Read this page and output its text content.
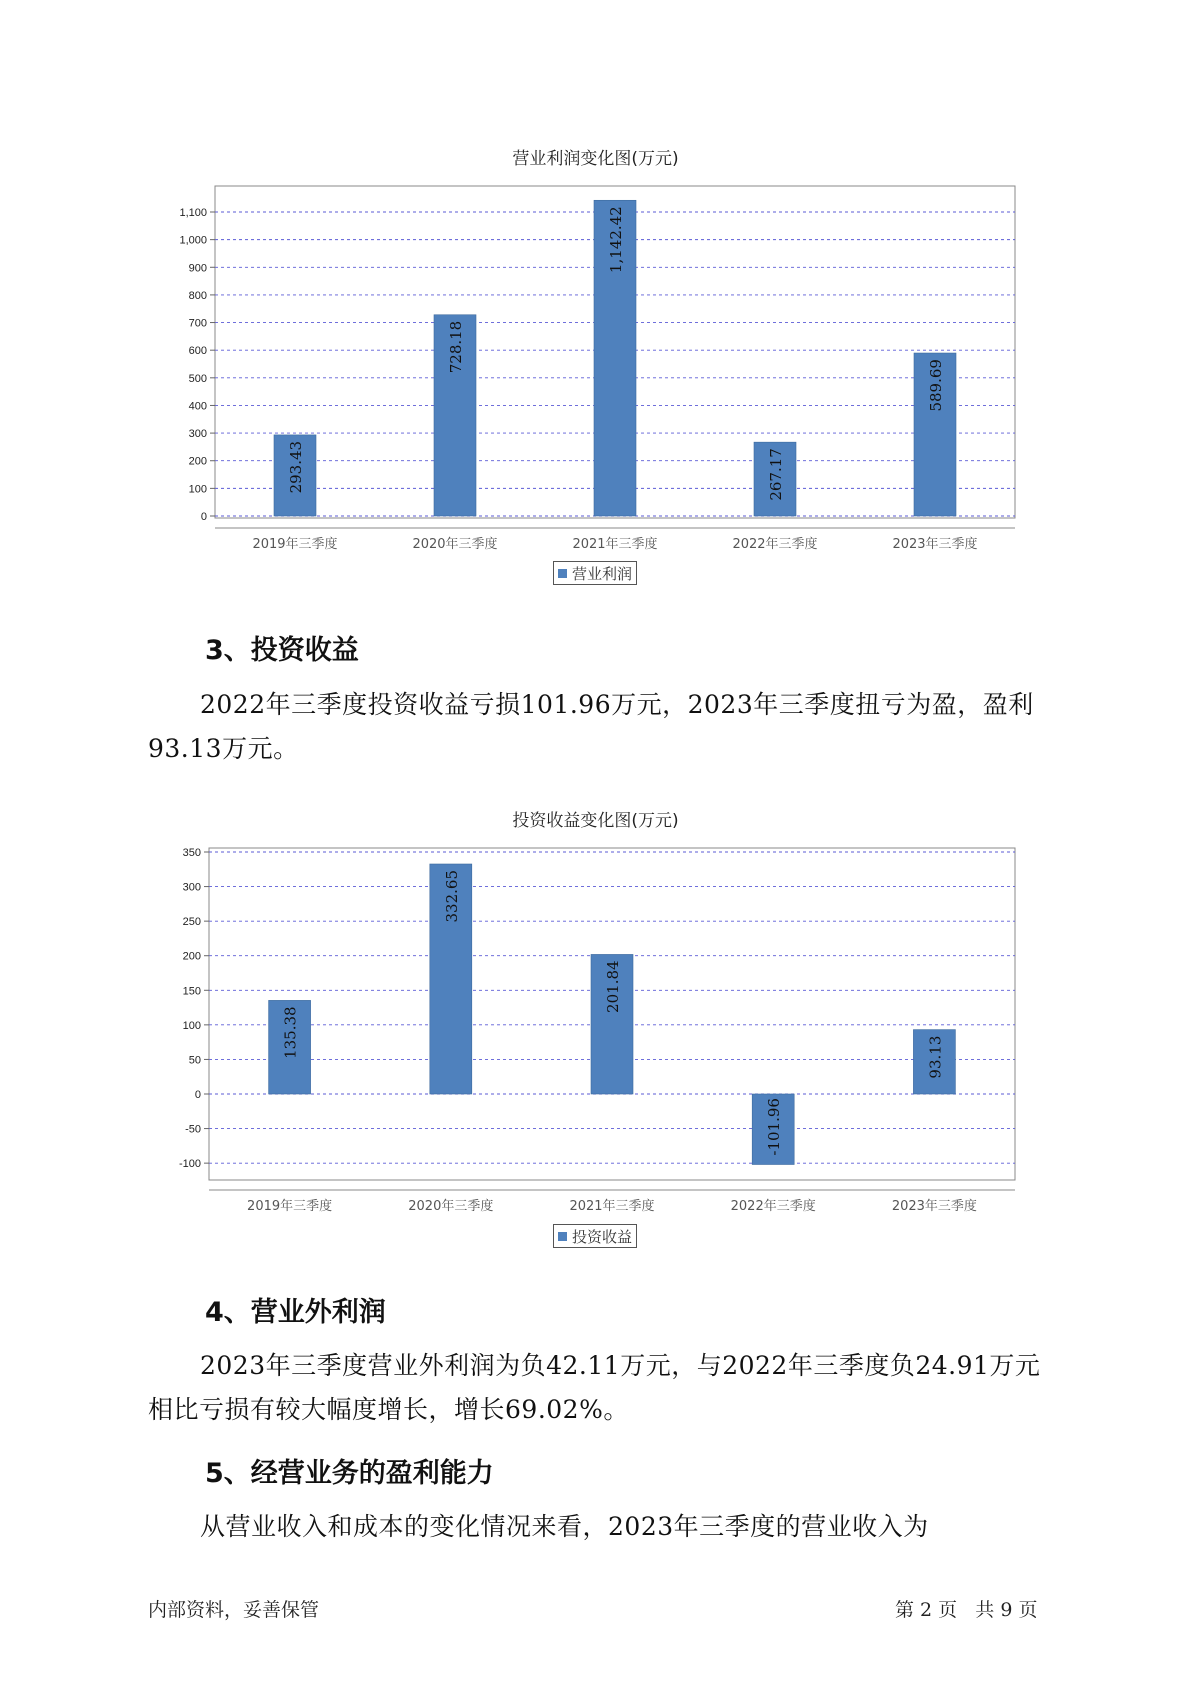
营业利润变化图(万元)
0
100
200
300
400
500
600
700
800
900
1,000
1,100
293.43
2019年三季度
728.18
2020年三季度
1,142.42
2021年三季度
267.17
2022年三季度
589.69
2023年三季度
营业利润
3、投资收益
2022年三季度投资收益亏损101.96万元，2023年三季度扭亏为盈，盈利93.13万元。
投资收益变化图(万元)
-100
-50
0
50
100
150
200
250
300
350
135.38
2019年三季度
332.65
2020年三季度
201.84
2021年三季度
-101.96
2022年三季度
93.13
2023年三季度
投资收益
4、营业外利润
2023年三季度营业外利润为负42.11万元，与2022年三季度负24.91万元相比亏损有较大幅度增长，增长69.02%。
5、经营业务的盈利能力
从营业收入和成本的变化情况来看，2023年三季度的营业收入为
内部资料，妥善保管	第 2 页   共 9 页
